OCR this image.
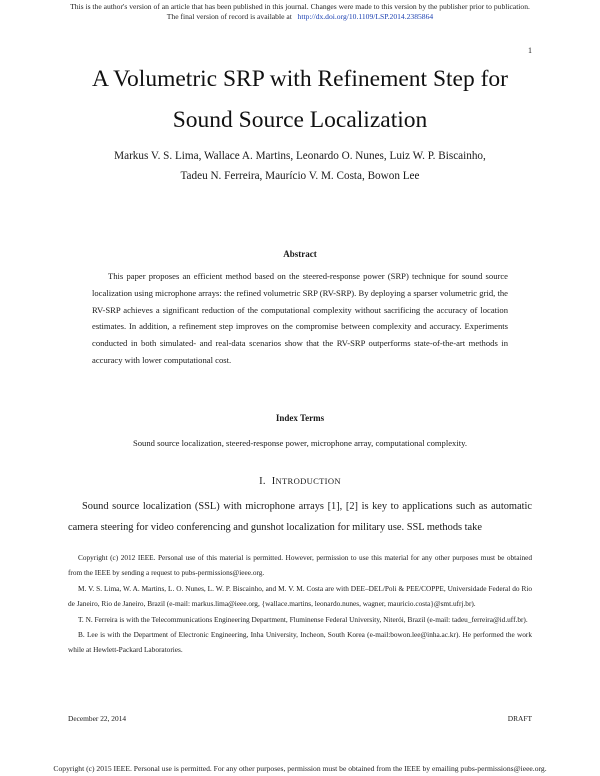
This is the author's version of an article that has been published in this journal. Changes were made to this version by the publisher prior to publication.
The final version of record is available at http://dx.doi.org/10.1109/LSP.2014.2385864
1
A Volumetric SRP with Refinement Step for
Sound Source Localization
Markus V. S. Lima, Wallace A. Martins, Leonardo O. Nunes, Luiz W. P. Biscainho,
Tadeu N. Ferreira, Maurício V. M. Costa, Bowon Lee
Abstract
This paper proposes an efficient method based on the steered-response power (SRP) technique for sound source localization using microphone arrays: the refined volumetric SRP (RV-SRP). By deploying a sparser volumetric grid, the RV-SRP achieves a significant reduction of the computational complexity without sacrificing the accuracy of location estimates. In addition, a refinement step improves on the compromise between complexity and accuracy. Experiments conducted in both simulated- and real-data scenarios show that the RV-SRP outperforms state-of-the-art methods in accuracy with lower computational cost.
Index Terms
Sound source localization, steered-response power, microphone array, computational complexity.
I. INTRODUCTION
Sound source localization (SSL) with microphone arrays [1], [2] is key to applications such as automatic camera steering for video conferencing and gunshot localization for military use. SSL methods take
Copyright (c) 2012 IEEE. Personal use of this material is permitted. However, permission to use this material for any other purposes must be obtained from the IEEE by sending a request to pubs-permissions@ieee.org.
M. V. S. Lima, W. A. Martins, L. O. Nunes, L. W. P. Biscainho, and M. V. M. Costa are with DEE–DEL/Poli & PEE/COPPE, Universidade Federal do Rio de Janeiro, Rio de Janeiro, Brazil (e-mail: markus.lima@ieee.org, {wallace.martins, leonardo.nunes, wagner, mauricio.costa}@smt.ufrj.br).
T. N. Ferreira is with the Telecommunications Engineering Department, Fluminense Federal University, Niterói, Brazil (e-mail: tadeu_ferreira@id.uff.br).
B. Lee is with the Department of Electronic Engineering, Inha University, Incheon, South Korea (e-mail:bowon.lee@inha.ac.kr). He performed the work while at Hewlett-Packard Laboratories.
December 22, 2014	DRAFT
Copyright (c) 2015 IEEE. Personal use is permitted. For any other purposes, permission must be obtained from the IEEE by emailing pubs-permissions@ieee.org.
